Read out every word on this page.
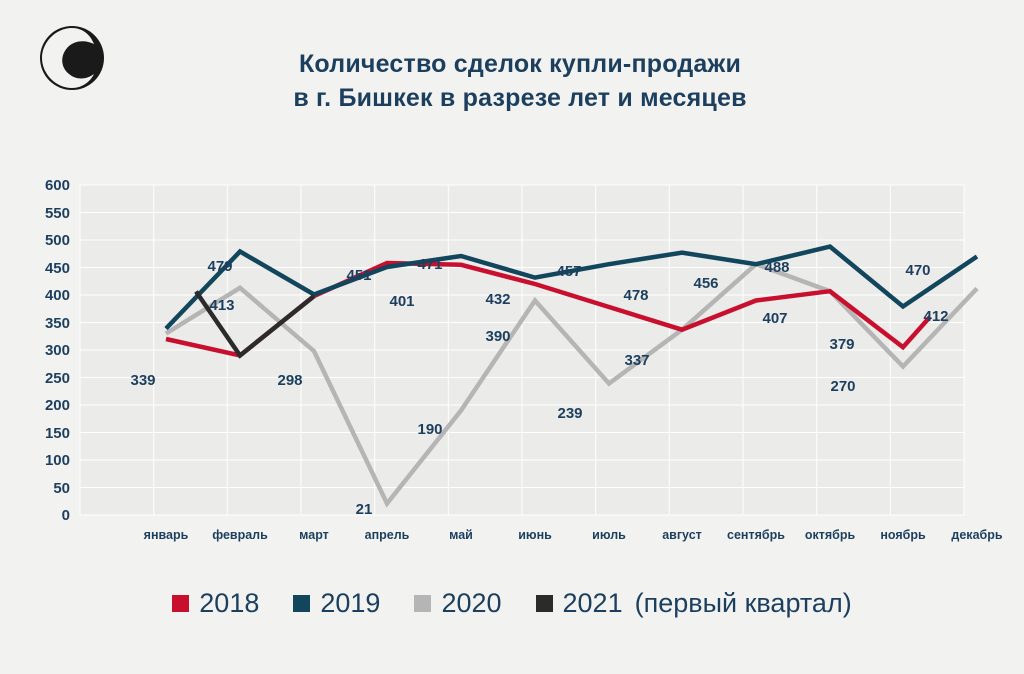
Количество сделок купли-продажи
в г. Бишкек в разрезе лет и месяцев
600
550
500
450
400
350
300
250
200
150
100
50
0
январь	февраль	март	апрель	май	июнь	июль	август	сентябрь	октябрь	ноябрь	декабрь
339
479
413
298
401
451
21
471
190
432
390
457
239
478
337
456
488
407
379
270
470
412
2018 2019 2020 2021 (первый квартал)
